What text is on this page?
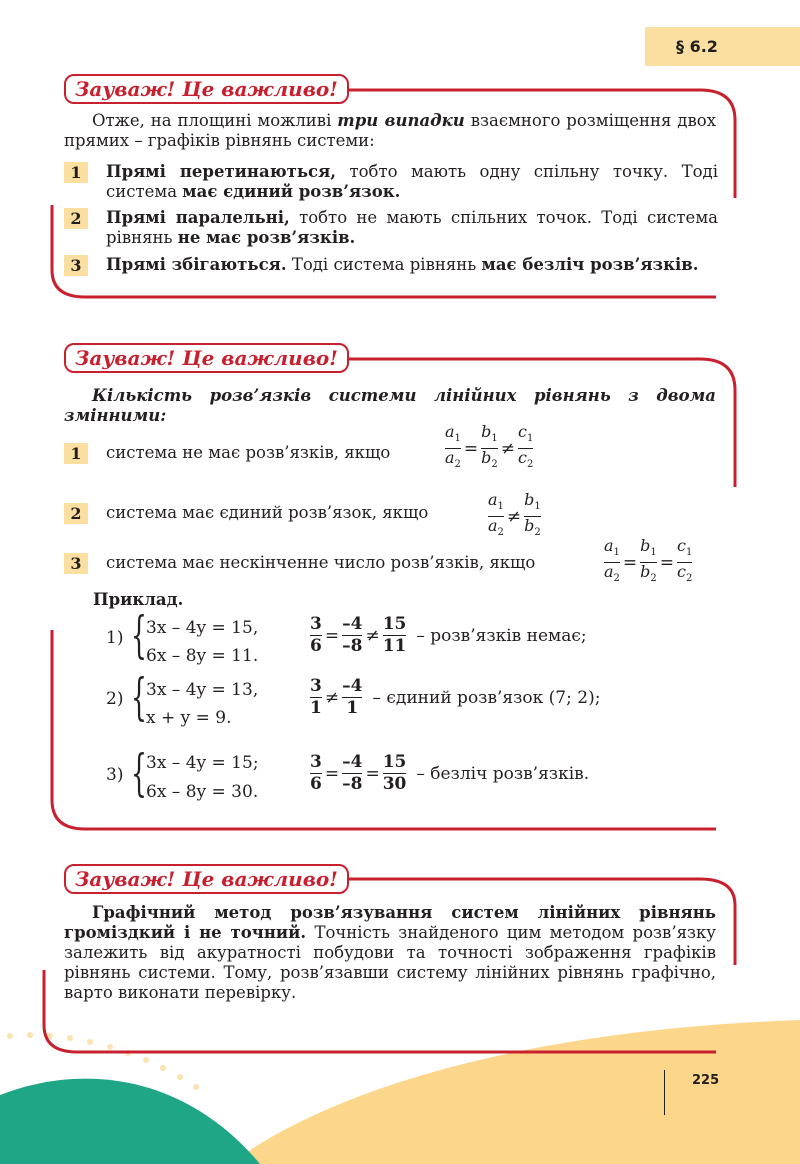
§ 6.2
Зауваж! Це важливо!
Отже, на площині можливі три випадки взаємного розміщення двох прямих – графіків рівнянь системи:
1	Прямі перетинаються, тобто мають одну спільну точку. Тоді система має єдиний розв’язок.
2	Прямі паралельні, тобто не мають спільних точок. Тоді система рівнянь не має розв’язків.
3	Прямі збігаються. Тоді система рівнянь має безліч розв’язків.
Зауваж! Це важливо!
Кількість розв’язків системи лінійних рівнянь з двома змінними:
1	система не має розв’язків, якщо	$\frac{a_1}{a_2} = \frac{b_1}{b_2} \ne \frac{c_1}{c_2}$
2	система має єдиний розв’язок, якщо	$\frac{a_1}{a_2} \ne \frac{b_1}{b_2}$
3	система має нескінченне число розв’язків, якщо	$\frac{a_1}{a_2} = \frac{b_1}{b_2} = \frac{c_1}{c_2}$
Приклад.
1) { 3x – 4y = 15,
6x – 8y = 11.	$\frac{3}{6} = \frac{-4}{-8} \ne \frac{15}{11}$ – розв’язків немає;
2) { 3x – 4y = 13,
x + y = 9.	$\frac{3}{1} \ne \frac{-4}{1}$ – єдиний розв’язок (7; 2);
3) { 3x – 4y = 15;
6x – 8y = 30.	$\frac{3}{6} = \frac{-4}{-8} = \frac{15}{30}$ – безліч розв’язків.
Зауваж! Це важливо!
Графічний метод розв’язування систем лінійних рівнянь громіздкий і не точний. Точність знайденого цим методом розв’язку залежить від акуратності побудови та точності зображення графіків рівнянь системи. Тому, розв’язавши систему лінійних рівнянь графічно, варто виконати перевірку.
225
